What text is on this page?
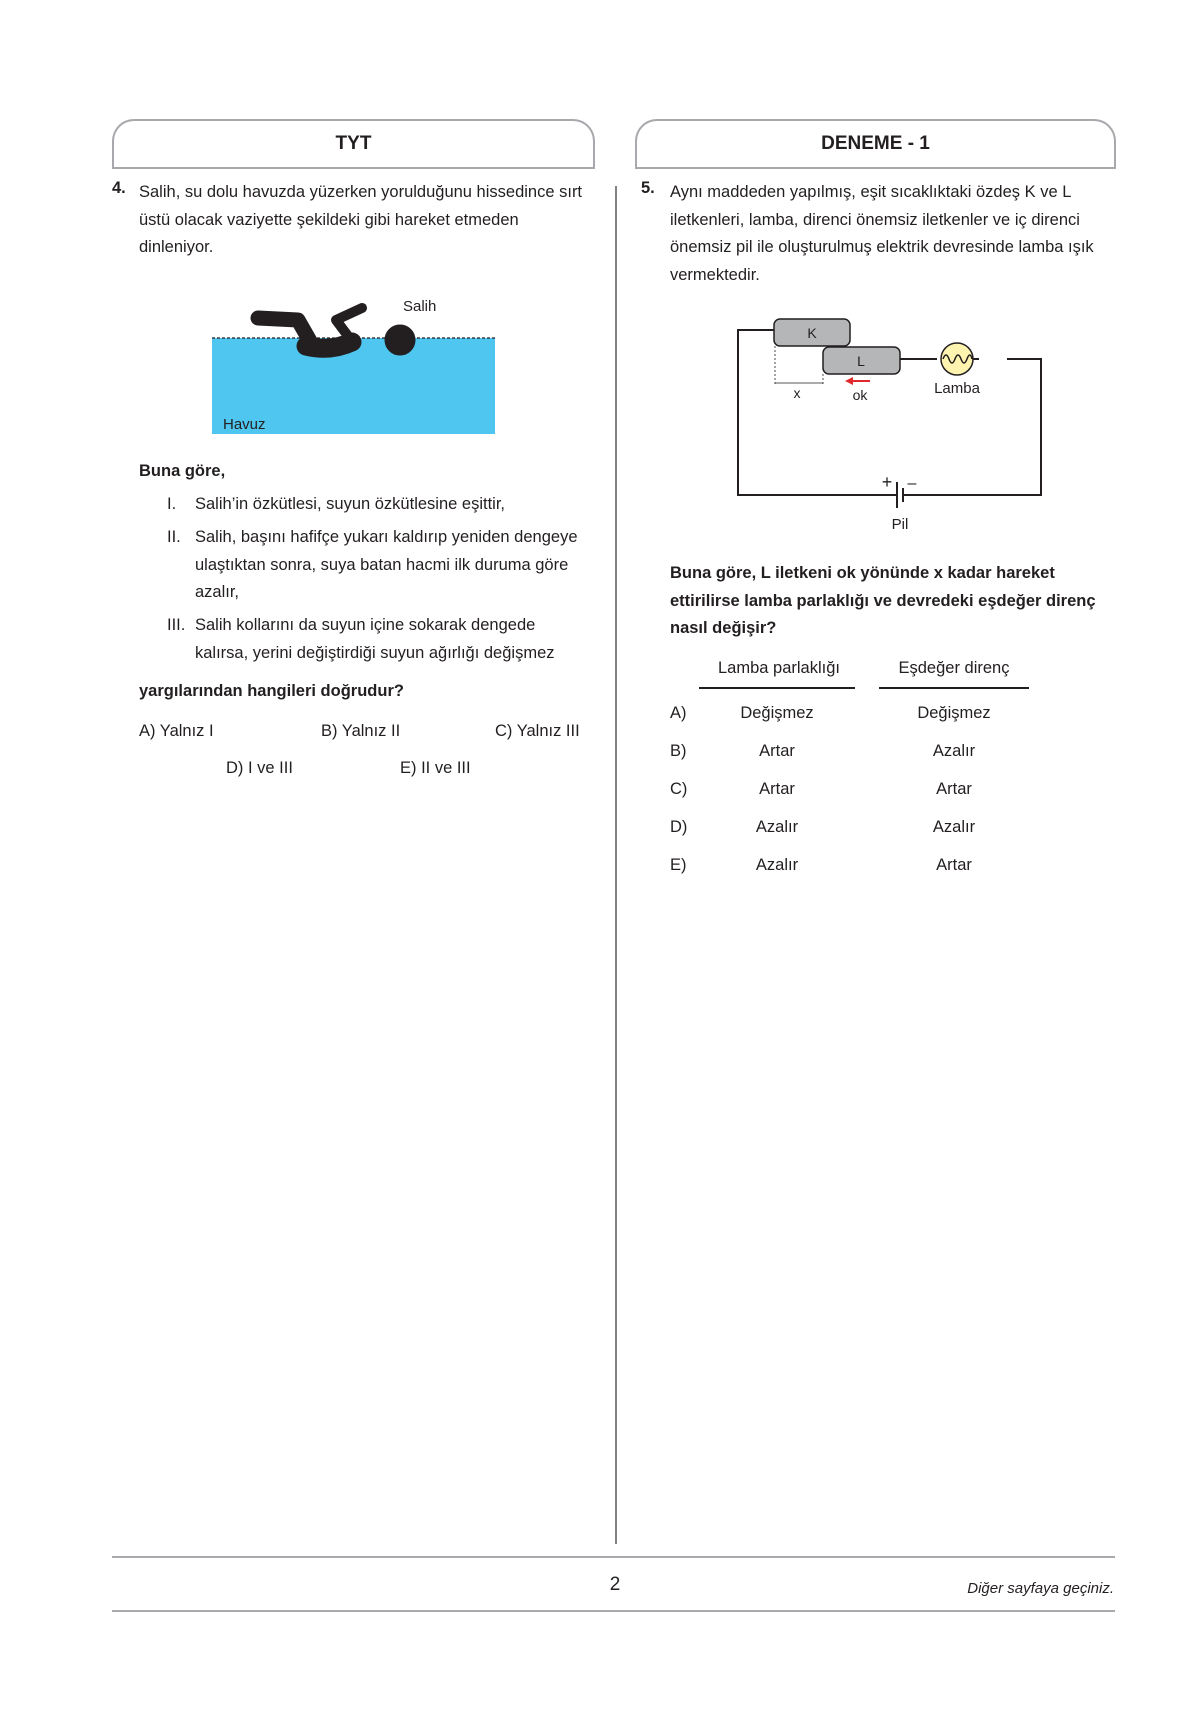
TYT	DENEME - 1
4. Salih, su dolu havuzda yüzerken yorulduğunu hissedince sırt üstü olacak vaziyette şekildeki gibi hareket etmeden dinleniyor.
Salih
Havuz
Buna göre,
I. Salih’in özkütlesi, suyun özkütlesine eşittir,
II. Salih, başını hafifçe yukarı kaldırıp yeniden dengeye ulaştıktan sonra, suya batan hacmi ilk duruma göre azalır,
III. Salih kollarını da suyun içine sokarak dengede kalırsa, yerini değiştirdiği suyun ağırlığı değişmez
yargılarından hangileri doğrudur?
A) Yalnız I	B) Yalnız II	C) Yalnız III
D) I ve III	E) II ve III
5. Aynı maddeden yapılmış, eşit sıcaklıktaki özdeş K ve L iletkenleri, lamba, direnci önemsiz iletkenler ve iç direnci önemsiz pil ile oluşturulmuş elektrik devresinde lamba ışık vermektedir.
K
L
x	ok	Lamba
+ –
Pil
Buna göre, L iletkeni ok yönünde x kadar hareket ettirilirse lamba parlaklığı ve devredeki eşdeğer direnç nasıl değişir?
Lamba parlaklığı	Eşdeğer direnç
A)	Değişmez	Değişmez
B)	Artar	Azalır
C)	Artar	Artar
D)	Azalır	Azalır
E)	Azalır	Artar
2	Diğer sayfaya geçiniz.
